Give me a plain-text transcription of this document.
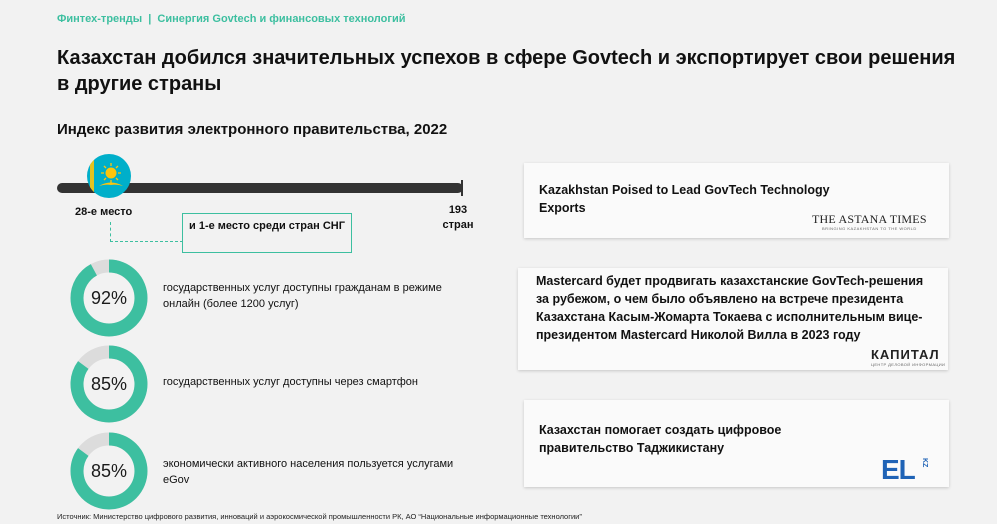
Финтех-тренды | Синергия Govtech и финансовых технологий
Казахстан добился значительных успехов в сфере Govtech и экспортирует свои решения в другие страны
Индекс развития электронного правительства, 2022
28-е место	193
стран
и 1-е место среди стран СНГ
92%	государственных услуг доступны гражданам в режиме онлайн (более 1200 услуг)
85%	государственных услуг доступны через смартфон
85%	экономически активного населения пользуется услугами eGov
Kazakhstan Poised to Lead GovTech Technology Exports
THE ASTANA TIMES
BRINGING KAZAKHSTAN TO THE WORLD
Mastercard будет продвигать казахстанские GovTech-решения за рубежом, о чем было объявлено на встрече президента Казахстана Касым-Жомарта Токаева с исполнительным вице-президентом Mastercard Николой Вилла в 2023 году
КАПИТАЛ
ЦЕНТР ДЕЛОВОЙ ИНФОРМАЦИИ
Казахстан помогает создать цифровое правительство Таджикистану
EL KZ
Источник: Министерство цифрового развития, инноваций и аэрокосмической промышленности РК, АО “Национальные информационные технологии”
